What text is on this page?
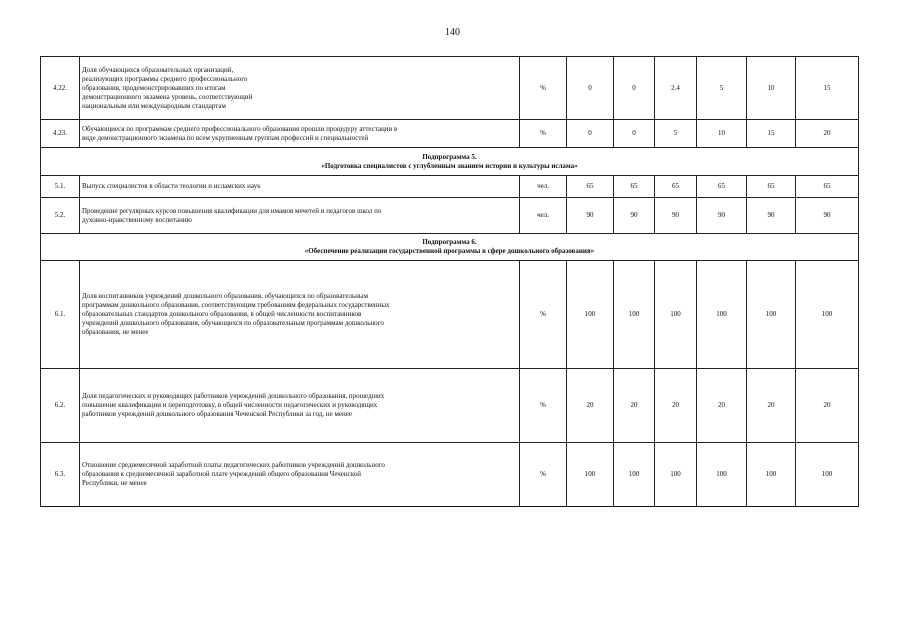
140
4.22.	Доля обучающихся образовательных организаций,
реализующих программы среднего профессионального
образования, продемонстрировавших по итогам
демонстрационного экзамена уровень, соответствующий
национальным или международным стандартам	%	0	0	2.4	5	10	15
4.23.	Обучающиеся по программам среднего профессионального образования прошли процедуру аттестации в
виде демонстрационного экзамена по всем укрупненным группам профессий и специальностей	%	0	0	5	10	15	20

Подпрограмма 5.
«Подготовка специалистов с углубленным знанием истории и культуры ислама»								

5.1.	Выпуск специалистов в области теологии и исламских наук	чел.	65	65	65	65	65	65
5.2.	Проведение регулярных курсов повышения квалификации для имамов мечетей и педагогов школ по
духовно-нравственному воспитанию	чел.	90	90	90	90	90	90

Подпрограмма 6.
«Обеспечение реализации государственной программы в сфере дошкольного образования»								

6.1.	Доля воспитанников учреждений дошкольного образования, обучающихся по образовательным
программам дошкольного образования, соответствующим требованиям федеральных государственных
образовательных стандартов дошкольного образования, в общей численности воспитанников
учреждений дошкольного образования, обучающихся по образовательным программам дошкольного
образования, не менее	%	100	100	100	100	100	100
6.2.	Доля педагогических и руководящих работников учреждений дошкольного образования, прошедших
повышение квалификации и переподготовку, в общей численности педагогических и руководящих
работников учреждений дошкольного образования Чеченской Республики за год, не менее	%	20	20	20	20	20	20
6.3.	Отношение среднемесячной заработной платы педагогических работников учреждений дошкольного
образования к среднемесячной заработной плате учреждений общего образования Чеченской
Республики, не менее	%	100	100	100	100	100	100
